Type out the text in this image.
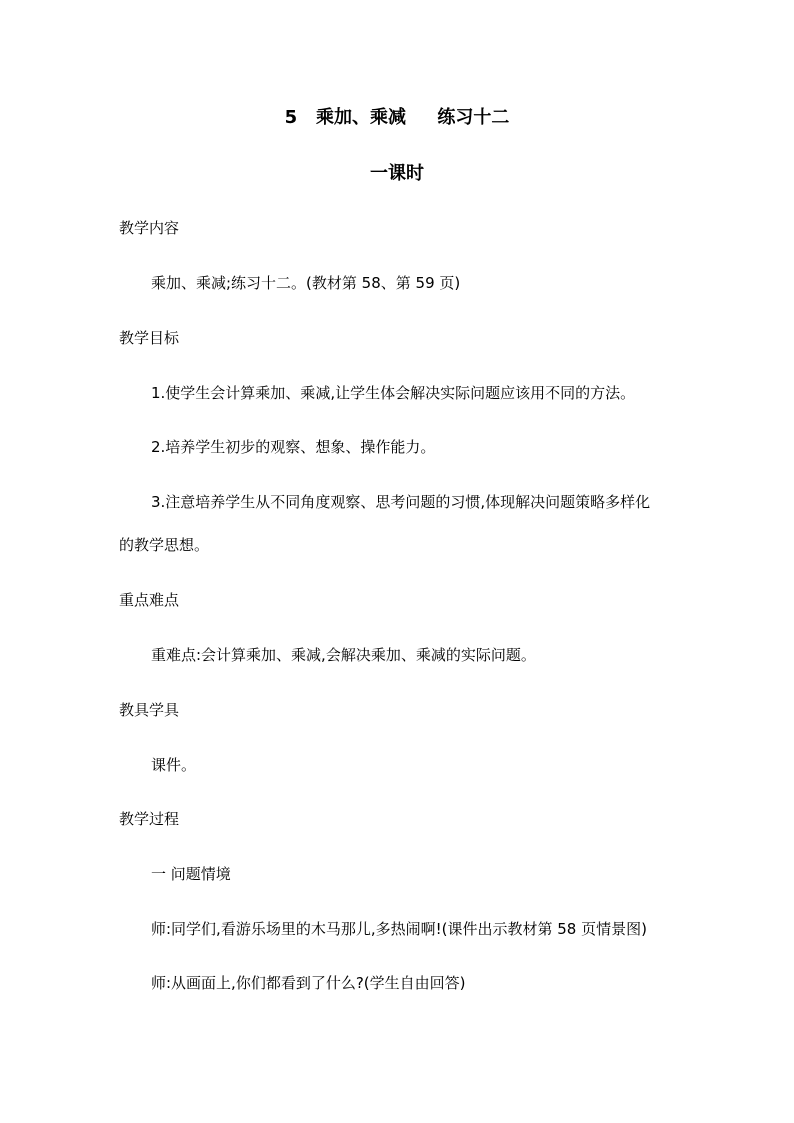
5   乘加、乘减     练习十二
一课时
教学内容
乘加、乘减;练习十二。(教材第 58、第 59 页)
教学目标
1.使学生会计算乘加、乘减,让学生体会解决实际问题应该用不同的方法。
2.培养学生初步的观察、想象、操作能力。
3.注意培养学生从不同角度观察、思考问题的习惯,体现解决问题策略多样化
的教学思想。
重点难点
重难点:会计算乘加、乘减,会解决乘加、乘减的实际问题。
教具学具
课件。
教学过程
一 问题情境
师:同学们,看游乐场里的木马那儿,多热闹啊!(课件出示教材第 58 页情景图)
师:从画面上,你们都看到了什么?(学生自由回答)
